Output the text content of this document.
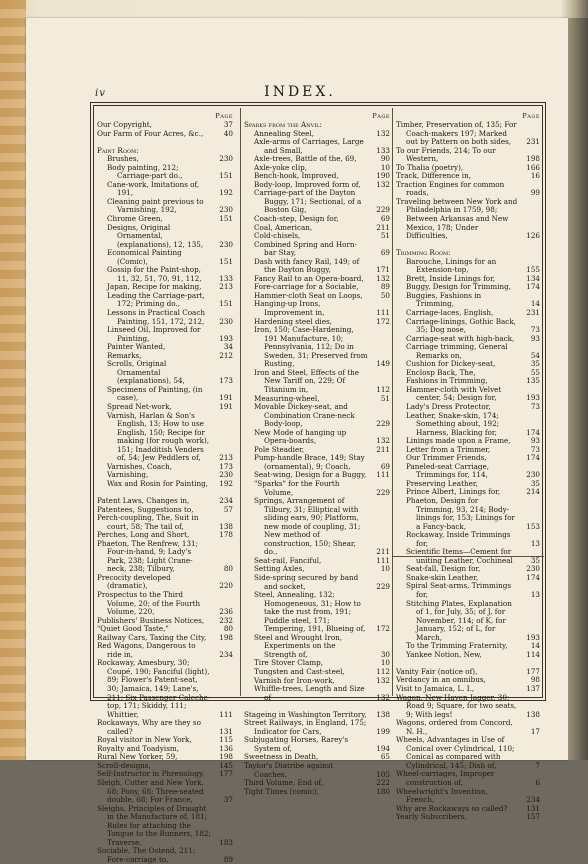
iv	INDEX.
Page
Our Copyright,	37
Our Farm of Four Acres, &c.,	40
Paint Room:
Brushes,	230
Body painting, 212; Carriage-part do.,	151
Cane-work, Imitations of, 191,	192
Cleaning paint previous to Varnishing, 192,	230
Chrome Green,	151
Designs, Original Ornamental, (explanations), 12, 135,	230
Economical Painting (Comic),	151
Gossip for the Paint-shop, 11, 32, 51, 70, 91, 112,	133
Japan, Recipe for making,	213
Leading the Carriage-part, 172; Priming do.,	151
Lessons in Practical Coach Painting, 151, 172, 212,	230
Linseed Oil, Improved for Painting,	193
Painter Wanted,	34
Remarks,	212
Scrolls, Original Ornamental (explanations), 54,	173
Specimens of Painting, (in case),	191
Spread Net-work,	191
Varnish, Harlan & Son's English, 13; How to use English, 150; Recipe for making (for rough work), 151; Inadditish Venders of, 54; Jew Peddlers of,	213
Varnishes, Coach,	173
Varnishing,	230
Wax and Rosin for Painting,	192
Patent Laws, Changes in,	234
Patentees, Suggestions to,	57
Perch-coupling, The, Suit in court, 58; The tail of,	138
Perches, Long and Short,	178
Phaeton, The Renfrew, 131; Four-in-hand, 9; Lady's Park, 238; Light Crane-neck, 238; Tilbury,	80
Precocity developed (dramatic),	220
Prospectus to the Third Volume, 20; of the Fourth Volume, 220,	236
Publishers' Business Notices,	232
"Quiet Good Taste,"	80
Railway Cars, Taxing the City,	198
Red Wagons, Dangerous to ride in,	234
Rockaway, Amesbury, 30; Coupé, 190; Fanciful (light), 89; Flower's Patent-seat, 30; Jamaica, 149; Lane's, 211; Six Passenger Caleche-top, 171; Skiddy, 111; Whittier,	111
Rockaways, Why are they so called?	131
Royal visitor in New York,	115
Royalty and Toadyism,	136
Rural New Yorker, 59,	198
Scroll-designs,	145
Self-Instructor in Phrenology,	177
Sleigh, Cutter and New York, 68; Pony, 68; Three-seated double, 68; For France,	37
Sleighs, Principles of Draught in the Manufacture of, 181; Rules for attaching the Tongue to the Runners, 182; Traverse,	183
Sociable, The Ostend, 211; Fore-carriage to,	89
Page
Sparks from the Anvil:
Annealing Steel,	132
Axle-arms of Carriages, Large and Small,	133
Axle-trees, Battle of the, 69,	90
Axle-yoke clip,	10
Bench-hook, Improved,	190
Body-loop, Improved form of,	132
Carriage-part of the Dayton Buggy, 171; Sectional, of a Boston Gig,	229
Coach-step, Design for,	69
Coal, American,	211
Cold-chisels,	51
Combined Spring and Horn-bar Stay,	69
Dash with fancy Rail, 149; of the Dayton Buggy,	171
Fancy Rail to an Opera-board,	132
Fore-carriage for a Sociable,	89
Hammer-cloth Seat on Loops,	50
Hanging-up Irons, Improvement in,	111
Hardening steel dies,	172
Iron, 150; Case-Hardening, 191 Manufacture, 10; Pennsylvania, 112; Do in Sweden, 31; Preserved from Rusting,	149
Iron and Steel, Effects of the New Tariff on, 229; Of Titanium in,	112
Measuring-wheel,	51
Movable Dickey-seat, and Combination Crane-neck Body-loop,	229
New Mode of hanging up Opera-boards,	132
Pole Steadier,	211
Pump-handle Brace, 149; Stay (ornamental), 9; Coach,	69
Seat-wing, Design for a Buggy,	111
"Sparks" for the Fourth Volume,	229
Springs, Arrangement of Tilbury, 31; Elliptical with sliding ears, 90; Platform, new mode of coupling, 31; New method of construction, 150; Shear, do.,	211
Seat-rail, Fanciful,	111
Setting Axles,	10
Side-spring secured by band and socket,	229
Steel, Annealing, 132; Homogeneous, 31; How to take the rust from, 191; Puddle steel, 171; Tempering, 191, Blueing of,	172
Steel and Wrought Iron, Experiments on the Strength of,	30
Tire Stover Clamp,	10
Tungsten and Cast-steel,	112
Varnish for Iron-work,	132
Whiffle-trees, Length and Size of	132
Stageing in Washington Territory,	138
Street Railways, in England, 175; Indicator for Cars,	199
Subjugating Horses, Rarey's System of,	194
Sweetness in Death,	65
Taylor's Diatribe against Coaches,	105
Third Volume, End of,	222
Tight Times (comic),	180
Page
Timber, Preservation of, 135; For Coach-makers 197; Marked out by Pattern on both sides,	231
To our Friends, 214; To our Western,	198
To Thalia (poetry),	166
Track, Difference in,	16
Traction Engines for common roads,	99
Traveling between New York and Philadelphia in 1759, 98; Between Arkansas and New Mexico, 178; Under Difficulties,	126
Trimming Room:
Barouche, Linings for an Extension-top,	155
Brett, Inside Linings for,	134
Buggy, Design for Trimming,	174
Buggies, Fashions in Trimming,	14
Carriage-laces, English,	231
Carriage-linings, Gothic Back, 35; Dog nose,	73
Carriage-seat with high-back,	93
Carriage trimming, General Remarks on,	54
Cushion for Dickey-seat,	35
Enclosp Back, The,	55
Fashions in Trimming,	135
Hammer-cloth with Velvet center, 54; Design for,	193
Lady's Dress Protector,	73
Leather, Snake-skin, 174; Something about, 192; Harness, Blacking for,	174
Linings made upon a Frame,	93
Letter from a Trimmer,	73
Our Trimmer Friends,	174
Paneled-seat Carriage, Trimmings for, 114,	230
Preserving Leather,	35
Prince Albert, Linings for,	214
Phaeton, Design for Trimming, 93, 214; Body-linings for, 153; Linings for a Fancy-back,	153
Rockaway, Inside Trimmings for,	13
Scientific Items—Cement for uniting Leather, Cochineal	35
Seat-fall, Design for,	230
Snake-skin Leather,	174
Spiral Seat-arms, Trimmings for,	13
Stitching Plates, Explanation of 1, for July, 35; of J, for November, 114; of K, for January, 152; of L, for March,	193
To the Trimming Fraternity,	14
Yankee Notion, New,	114
Vanity Fair (notice of),	177
Verdancy in an omnibus,	98
Visit to Jamaica, L. I.,	137
Wagon, New Haven Jagger, 30; Road 9; Square, for two seats, 9; With legs!	138
Wagons, ordered from Concord, N. H.,	17
Wheels, Advantages in Use of Conical over Cylindrical, 110; Conical as compared with Cylindrical, 145; Dish of,	7
Wheel-carriages, Improper construction of,	6
Wheelwright's Invention, French,	234
Why are Rockaways so called?	131
Yearly Subscribers,	157
